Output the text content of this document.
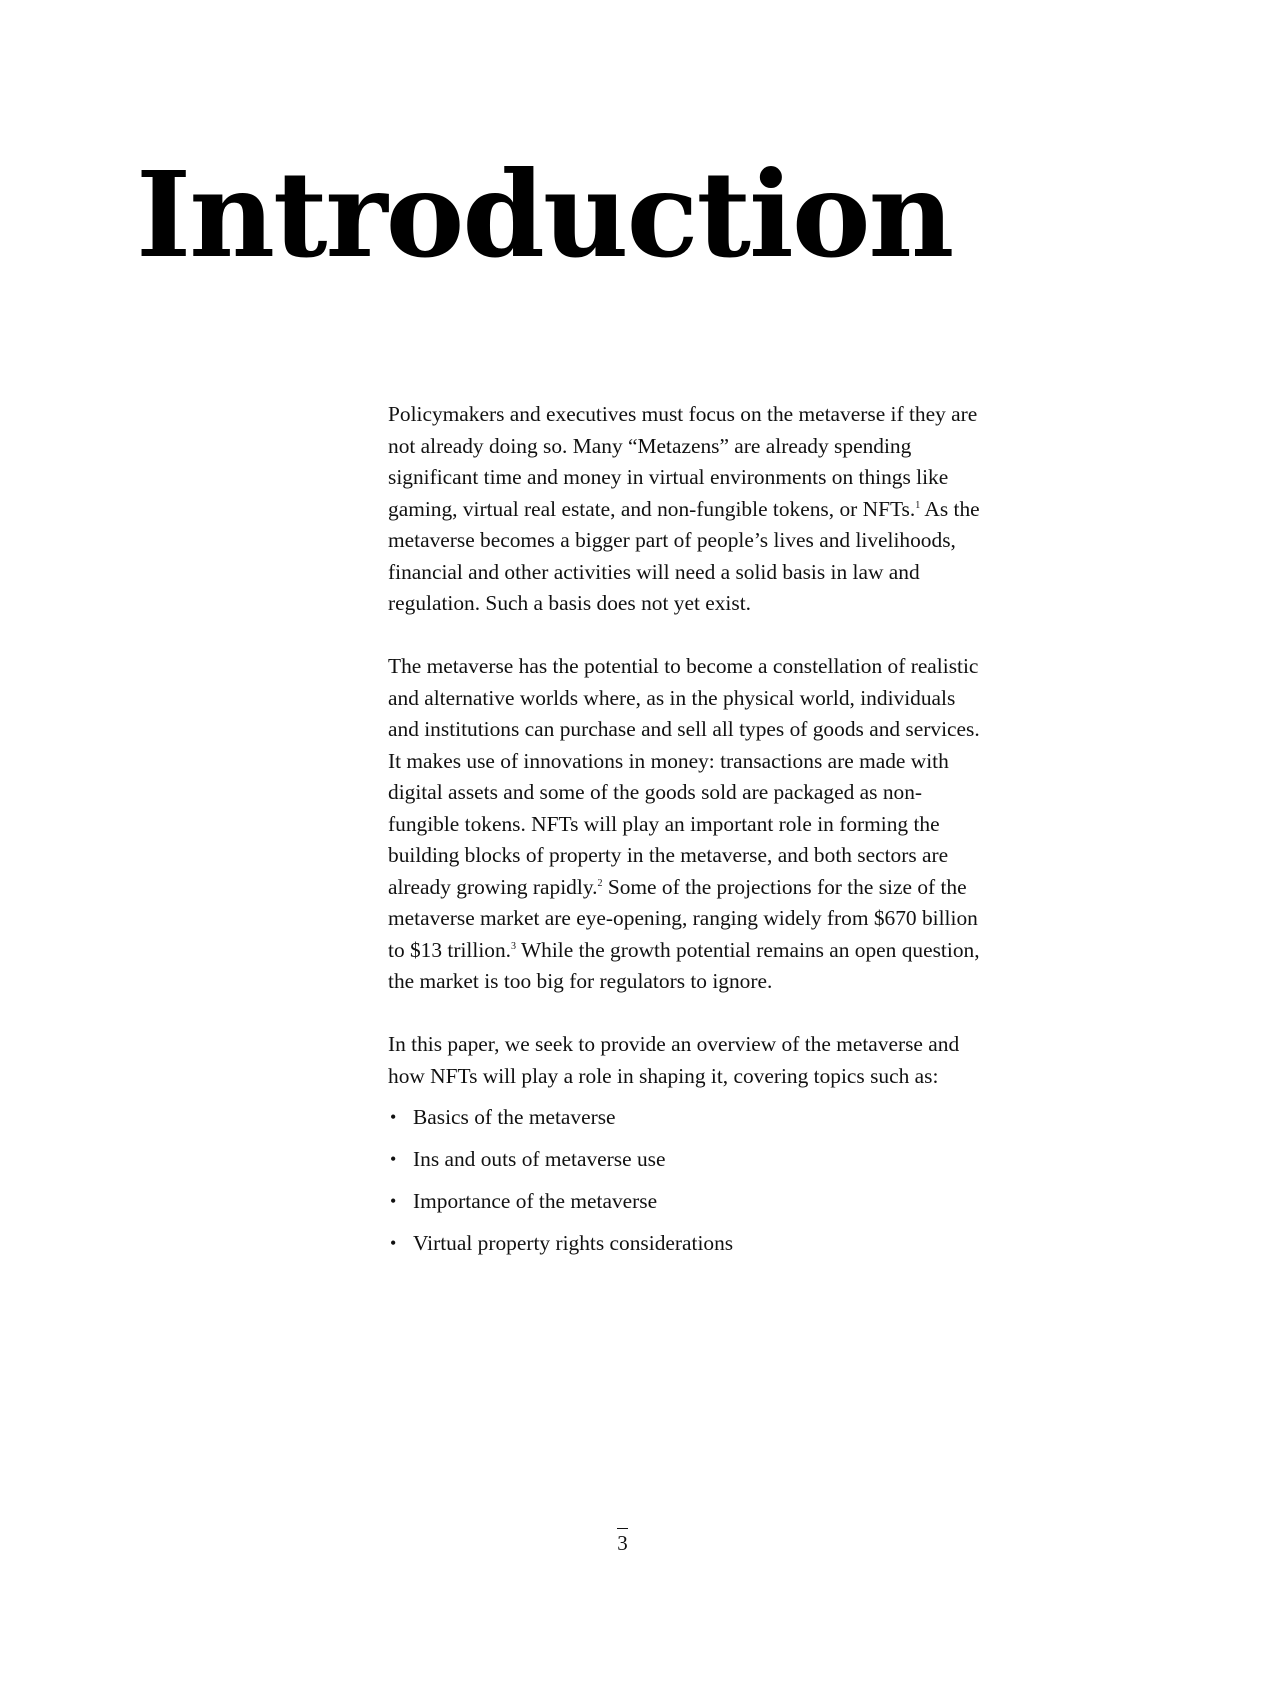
Introduction

Policymakers and executives must focus on the metaverse if they are not already doing so. Many “Metazens” are already spending significant time and money in virtual environments on things like gaming, virtual real estate, and non-fungible tokens, or NFTs.$^1$ As the metaverse becomes a bigger part of people’s lives and livelihoods, financial and other activities will need a solid basis in law and regulation. Such a basis does not yet exist.

The metaverse has the potential to become a constellation of realistic and alternative worlds where, as in the physical world, individuals and institutions can purchase and sell all types of goods and services. It makes use of innovations in money: transactions are made with digital assets and some of the goods sold are packaged as non-fungible tokens. NFTs will play an important role in forming the building blocks of property in the metaverse, and both sectors are already growing rapidly.$^2$ Some of the projections for the size of the metaverse market are eye-opening, ranging widely from $670 billion to $13 trillion.$^3$ While the growth potential remains an open question, the market is too big for regulators to ignore.

In this paper, we seek to provide an overview of the metaverse and how NFTs will play a role in shaping it, covering topics such as:

• Basics of the metaverse
• Ins and outs of metaverse use
• Importance of the metaverse
• Virtual property rights considerations
3
